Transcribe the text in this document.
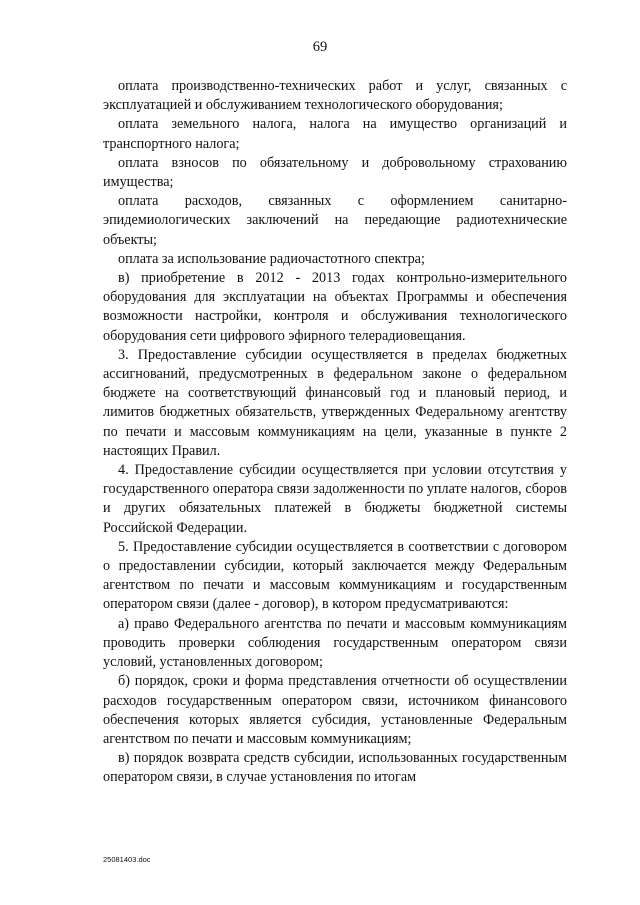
69

оплата производственно-технических работ и услуг, связанных с эксплуатацией и обслуживанием технологического оборудования;

оплата земельного налога, налога на имущество организаций и транспортного налога;

оплата взносов по обязательному и добровольному страхованию имущества;

оплата расходов, связанных с оформлением санитарно-эпидемиологических заключений на передающие радиотехнические объекты;

оплата за использование радиочастотного спектра;

в) приобретение в 2012 - 2013 годах контрольно-измерительного оборудования для эксплуатации на объектах Программы и обеспечения возможности настройки, контроля и обслуживания технологического оборудования сети цифрового эфирного телерадиовещания.

3. Предоставление субсидии осуществляется в пределах бюджетных ассигнований, предусмотренных в федеральном законе о федеральном бюджете на соответствующий финансовый год и плановый период, и лимитов бюджетных обязательств, утвержденных Федеральному агентству по печати и массовым коммуникациям на цели, указанные в пункте 2 настоящих Правил.

4. Предоставление субсидии осуществляется при условии отсутствия у государственного оператора связи задолженности по уплате налогов, сборов и других обязательных платежей в бюджеты бюджетной системы Российской Федерации.

5. Предоставление субсидии осуществляется в соответствии с договором о предоставлении субсидии, который заключается между Федеральным агентством по печати и массовым коммуникациям и государственным оператором связи (далее - договор), в котором предусматриваются:

а) право Федерального агентства по печати и массовым коммуникациям проводить проверки соблюдения государственным оператором связи условий, установленных договором;

б) порядок, сроки и форма представления отчетности об осуществлении расходов государственным оператором связи, источником финансового обеспечения которых является субсидия, установленные Федеральным агентством по печати и массовым коммуникациям;

в) порядок возврата средств субсидии, использованных государственным оператором связи, в случае установления по итогам

25081403.doc
